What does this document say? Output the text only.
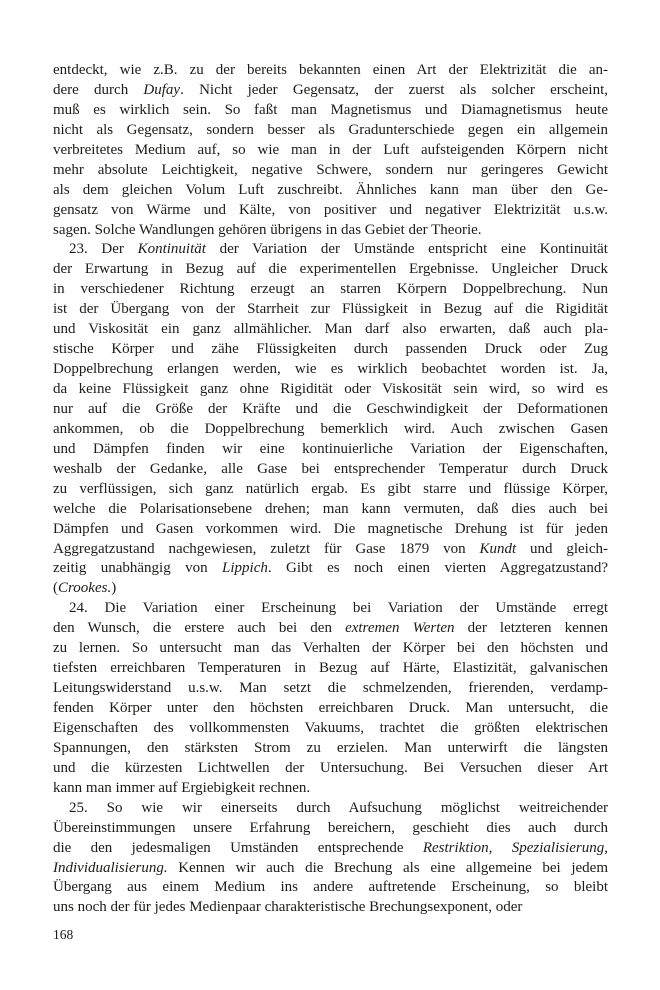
entdeckt, wie z.B. zu der bereits bekannten einen Art der Elektrizität die an-
dere durch Dufay. Nicht jeder Gegensatz, der zuerst als solcher erscheint,
muß es wirklich sein. So faßt man Magnetismus und Diamagnetismus heute
nicht als Gegensatz, sondern besser als Gradunterschiede gegen ein allgemein
verbreitetes Medium auf, so wie man in der Luft aufsteigenden Körpern nicht
mehr absolute Leichtigkeit, negative Schwere, sondern nur geringeres Gewicht
als dem gleichen Volum Luft zuschreibt. Ähnliches kann man über den Ge-
gensatz von Wärme und Kälte, von positiver und negativer Elektrizität u.s.w.
sagen. Solche Wandlungen gehören übrigens in das Gebiet der Theorie.
23. Der Kontinuität der Variation der Umstände entspricht eine Kontinuität
der Erwartung in Bezug auf die experimentellen Ergebnisse. Ungleicher Druck
in verschiedener Richtung erzeugt an starren Körpern Doppelbrechung. Nun
ist der Übergang von der Starrheit zur Flüssigkeit in Bezug auf die Rigidität
und Viskosität ein ganz allmählicher. Man darf also erwarten, daß auch pla-
stische Körper und zähe Flüssigkeiten durch passenden Druck oder Zug
Doppelbrechung erlangen werden, wie es wirklich beobachtet worden ist. Ja,
da keine Flüssigkeit ganz ohne Rigidität oder Viskosität sein wird, so wird es
nur auf die Größe der Kräfte und die Geschwindigkeit der Deformationen
ankommen, ob die Doppelbrechung bemerklich wird. Auch zwischen Gasen
und Dämpfen finden wir eine kontinuierliche Variation der Eigenschaften,
weshalb der Gedanke, alle Gase bei entsprechender Temperatur durch Druck
zu verflüssigen, sich ganz natürlich ergab. Es gibt starre und flüssige Körper,
welche die Polarisationsebene drehen; man kann vermuten, daß dies auch bei
Dämpfen und Gasen vorkommen wird. Die magnetische Drehung ist für jeden
Aggregatzustand nachgewiesen, zuletzt für Gase 1879 von Kundt und gleich-
zeitig unabhängig von Lippich. Gibt es noch einen vierten Aggregatzustand?
(Crookes.)
24. Die Variation einer Erscheinung bei Variation der Umstände erregt
den Wunsch, die erstere auch bei den extremen Werten der letzteren kennen
zu lernen. So untersucht man das Verhalten der Körper bei den höchsten und
tiefsten erreichbaren Temperaturen in Bezug auf Härte, Elastizität, galvanischen
Leitungswiderstand u.s.w. Man setzt die schmelzenden, frierenden, verdamp-
fenden Körper unter den höchsten erreichbaren Druck. Man untersucht, die
Eigenschaften des vollkommensten Vakuums, trachtet die größten elektrischen
Spannungen, den stärksten Strom zu erzielen. Man unterwirft die längsten
und die kürzesten Lichtwellen der Untersuchung. Bei Versuchen dieser Art
kann man immer auf Ergiebigkeit rechnen.
25. So wie wir einerseits durch Aufsuchung möglichst weitreichender
Übereinstimmungen unsere Erfahrung bereichern, geschieht dies auch durch
die den jedesmaligen Umständen entsprechende Restriktion, Spezialisierung,
Individualisierung. Kennen wir auch die Brechung als eine allgemeine bei jedem
Übergang aus einem Medium ins andere auftretende Erscheinung, so bleibt
uns noch der für jedes Medienpaar charakteristische Brechungsexponent, oder
168
